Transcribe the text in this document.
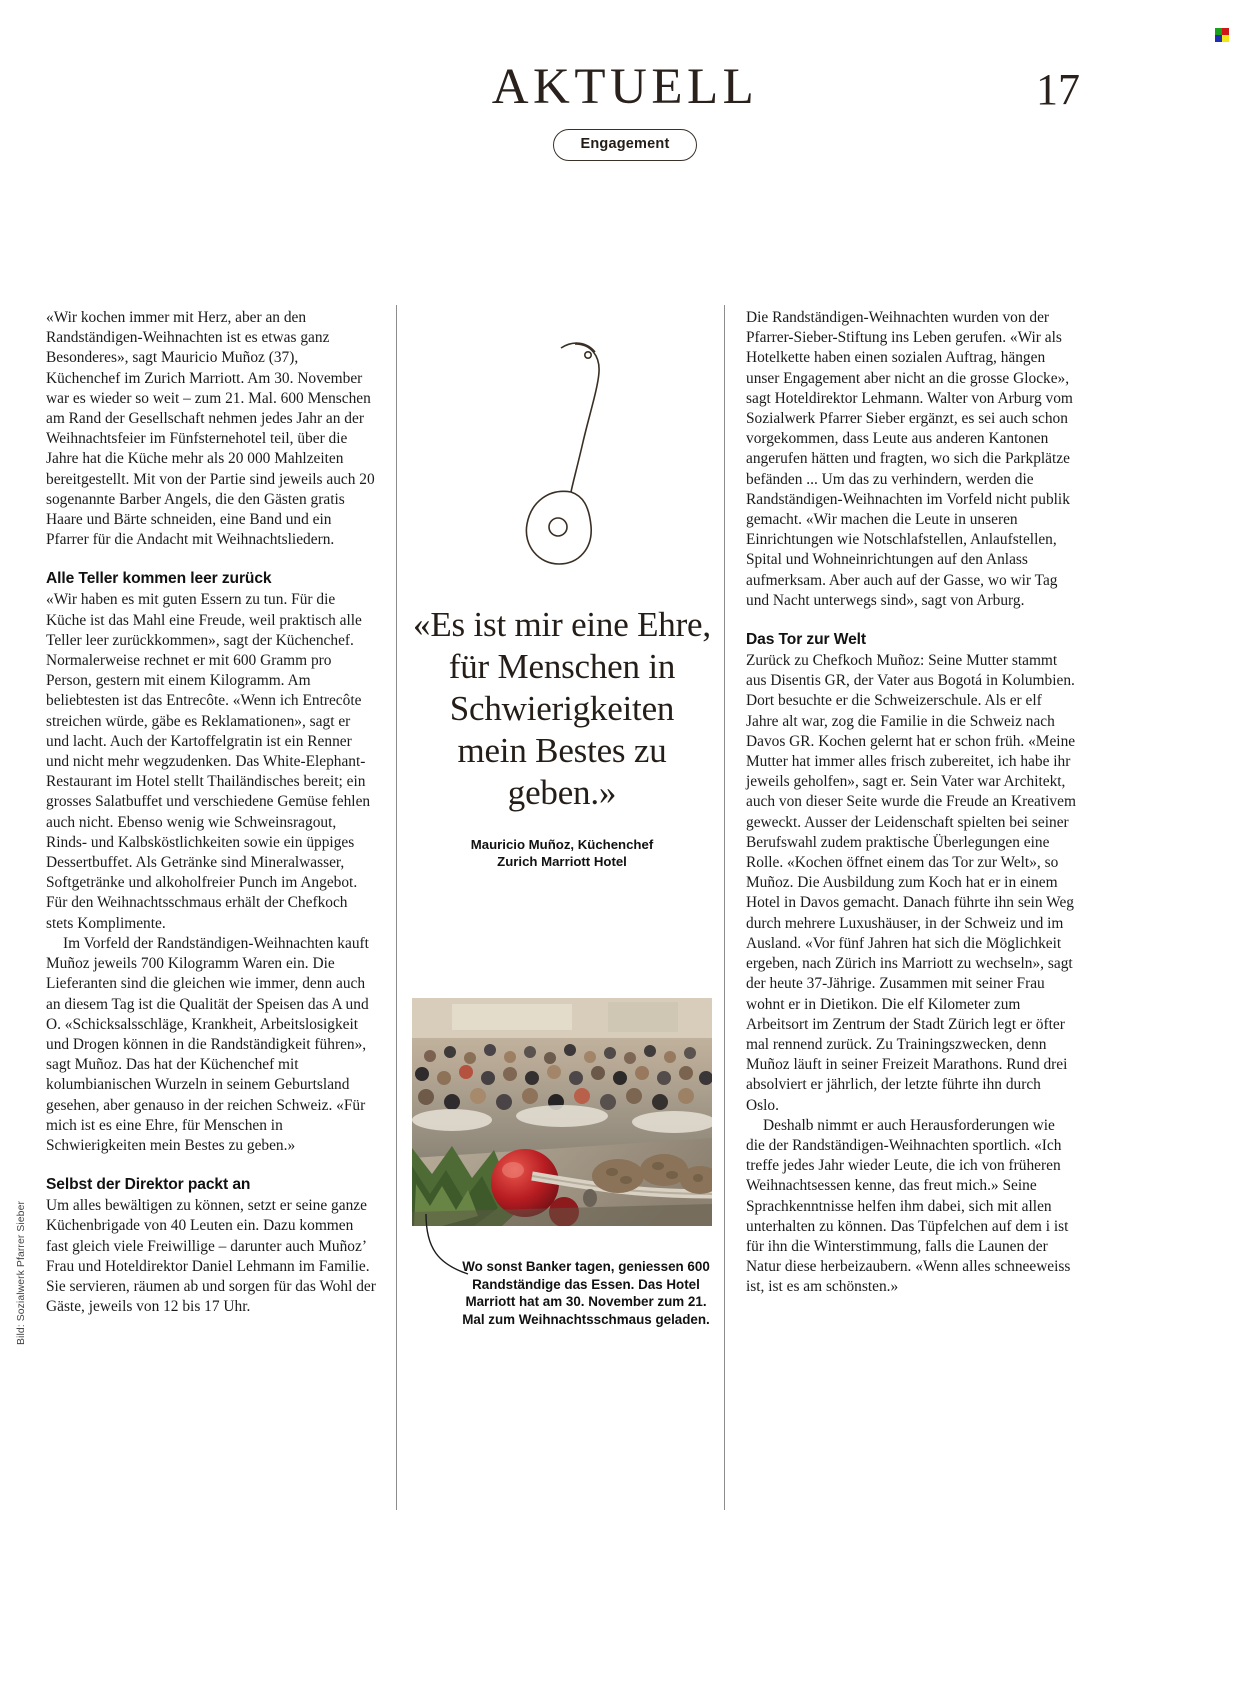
AKTUELL
Engagement
17
Bild: Sozialwerk Pfarrer Sieber

«Wir kochen immer mit Herz, aber an den Randständigen-Weihnachten ist es etwas ganz Besonderes», sagt Mauricio Muñoz (37), Küchenchef im Zurich Marriott. Am 30. November war es wieder so weit – zum 21. Mal. 600 Menschen am Rand der Gesellschaft nehmen jedes Jahr an der Weihnachtsfeier im Fünfsternehotel teil, über die Jahre hat die Küche mehr als 20 000 Mahlzeiten bereitgestellt. Mit von der Partie sind jeweils auch 20 sogenannte Barber Angels, die den Gästen gratis Haare und Bärte schneiden, eine Band und ein Pfarrer für die Andacht mit Weihnachtsliedern.

Alle Teller kommen leer zurück

«Wir haben es mit guten Essern zu tun. Für die Küche ist das Mahl eine Freude, weil praktisch alle Teller leer zurückkommen», sagt der Küchenchef. Normalerweise rechnet er mit 600 Gramm pro Person, gestern mit einem Kilogramm. Am beliebtesten ist das Entrecôte. «Wenn ich Entrecôte streichen würde, gäbe es Reklamationen», sagt er und lacht. Auch der Kartoffelgratin ist ein Renner und nicht mehr wegzudenken. Das White-Elephant-Restaurant im Hotel stellt Thailändisches bereit; ein grosses Salatbuffet und verschiedene Gemüse fehlen auch nicht. Ebenso wenig wie Schweinsragout, Rinds- und Kalbsköstlichkeiten sowie ein üppiges Dessertbuffet. Als Getränke sind Mineralwasser, Softgetränke und alkoholfreier Punch im Angebot. Für den Weihnachtsschmaus erhält der Chefkoch stets Komplimente.

Im Vorfeld der Randständigen-Weihnachten kauft Muñoz jeweils 700 Kilogramm Waren ein. Die Lieferanten sind die gleichen wie immer, denn auch an diesem Tag ist die Qualität der Speisen das A und O. «Schicksalsschläge, Krankheit, Arbeitslosigkeit und Drogen können in die Randständigkeit führen», sagt Muñoz. Das hat der Küchenchef mit kolumbianischen Wurzeln in seinem Geburtsland gesehen, aber genauso in der reichen Schweiz. «Für mich ist es eine Ehre, für Menschen in Schwierigkeiten mein Bestes zu geben.»

Selbst der Direktor packt an

Um alles bewältigen zu können, setzt er seine ganze Küchenbrigade von 40 Leuten ein. Dazu kommen fast gleich viele Freiwillige – darunter auch Muñoz’ Frau und Hoteldirektor Daniel Lehmann im Familie. Sie servieren, räumen ab und sorgen für das Wohl der Gäste, jeweils von 12 bis 17 Uhr.

«Es ist mir eine Ehre, für Menschen in Schwierigkeiten mein Bestes zu geben.»
Mauricio Muñoz, Küchenchef
Zurich Marriott Hotel
Wo sonst Banker tagen, geniessen 600 Randständige das Essen. Das Hotel Marriott hat am 30. November zum 21. Mal zum Weihnachtsschmaus geladen.

Die Randständigen-Weihnachten wurden von der Pfarrer-Sieber-Stiftung ins Leben gerufen. «Wir als Hotelkette haben einen sozialen Auftrag, hängen unser Engagement aber nicht an die grosse Glocke», sagt Hoteldirektor Lehmann. Walter von Arburg vom Sozialwerk Pfarrer Sieber ergänzt, es sei auch schon vorgekommen, dass Leute aus anderen Kantonen angerufen hätten und fragten, wo sich die Parkplätze befänden ... Um das zu verhindern, werden die Randständigen-Weihnachten im Vorfeld nicht publik gemacht. «Wir machen die Leute in unseren Einrichtungen wie Notschlafstellen, Anlaufstellen, Spital und Wohneinrichtungen auf den Anlass aufmerksam. Aber auch auf der Gasse, wo wir Tag und Nacht unterwegs sind», sagt von Arburg.

Das Tor zur Welt

Zurück zu Chefkoch Muñoz: Seine Mutter stammt aus Disentis GR, der Vater aus Bogotá in Kolumbien. Dort besuchte er die Schweizerschule. Als er elf Jahre alt war, zog die Familie in die Schweiz nach Davos GR. Kochen gelernt hat er schon früh. «Meine Mutter hat immer alles frisch zubereitet, ich habe ihr jeweils geholfen», sagt er. Sein Vater war Architekt, auch von dieser Seite wurde die Freude an Kreativem geweckt. Ausser der Leidenschaft spielten bei seiner Berufswahl zudem praktische Überlegungen eine Rolle. «Kochen öffnet einem das Tor zur Welt», so Muñoz. Die Ausbildung zum Koch hat er in einem Hotel in Davos gemacht. Danach führte ihn sein Weg durch mehrere Luxushäuser, in der Schweiz und im Ausland. «Vor fünf Jahren hat sich die Möglichkeit ergeben, nach Zürich ins Marriott zu wechseln», sagt der heute 37-Jährige. Zusammen mit seiner Frau wohnt er in Dietikon. Die elf Kilometer zum Arbeitsort im Zentrum der Stadt Zürich legt er öfter mal rennend zurück. Zu Trainingszwecken, denn Muñoz läuft in seiner Freizeit Marathons. Rund drei absolviert er jährlich, der letzte führte ihn durch Oslo.

Deshalb nimmt er auch Herausforderungen wie die der Randständigen-Weihnachten sportlich. «Ich treffe jedes Jahr wieder Leute, die ich von früheren Weihnachtsessen kenne, das freut mich.» Seine Sprachkenntnisse helfen ihm dabei, sich mit allen unterhalten zu können. Das Tüpfelchen auf dem i ist für ihn die Winterstimmung, falls die Launen der Natur diese herbeizaubern. «Wenn alles schneeweiss ist, ist es am schönsten.»
